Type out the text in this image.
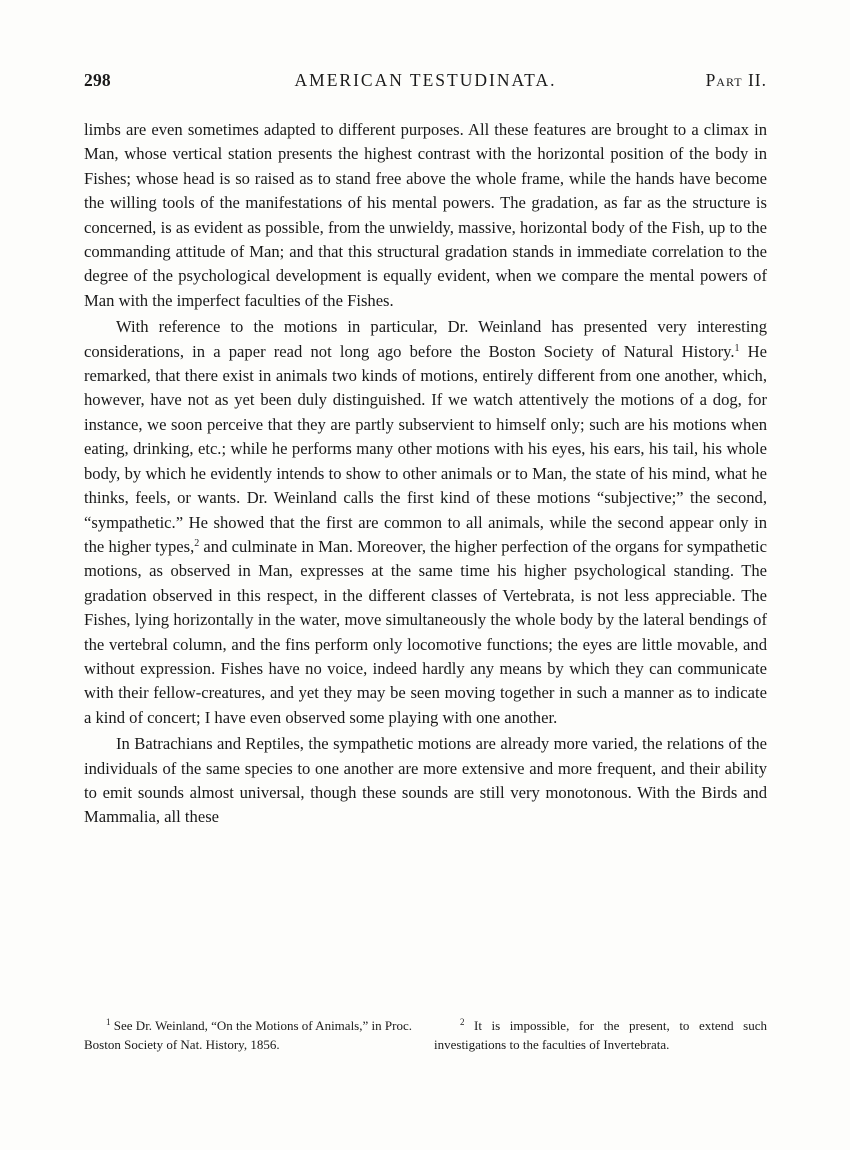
298	AMERICAN TESTUDINATA.	Part II.

limbs are even sometimes adapted to different purposes. All these features are brought to a climax in Man, whose vertical station presents the highest contrast with the horizontal position of the body in Fishes; whose head is so raised as to stand free above the whole frame, while the hands have become the willing tools of the manifestations of his mental powers. The gradation, as far as the structure is concerned, is as evident as possible, from the unwieldy, massive, horizontal body of the Fish, up to the commanding attitude of Man; and that this structural gradation stands in immediate correlation to the degree of the psychological development is equally evident, when we compare the mental powers of Man with the imperfect faculties of the Fishes.

With reference to the motions in particular, Dr. Weinland has presented very interesting considerations, in a paper read not long ago before the Boston Society of Natural History.$^1$ He remarked, that there exist in animals two kinds of motions, entirely different from one another, which, however, have not as yet been duly distinguished. If we watch attentively the motions of a dog, for instance, we soon perceive that they are partly subservient to himself only; such are his motions when eating, drinking, etc.; while he performs many other motions with his eyes, his ears, his tail, his whole body, by which he evidently intends to show to other animals or to Man, the state of his mind, what he thinks, feels, or wants. Dr. Weinland calls the first kind of these motions “subjective;” the second, “sympathetic.” He showed that the first are common to all animals, while the second appear only in the higher types,$^2$ and culminate in Man. Moreover, the higher perfection of the organs for sympathetic motions, as observed in Man, expresses at the same time his higher psychological standing. The gradation observed in this respect, in the different classes of Vertebrata, is not less appreciable. The Fishes, lying horizontally in the water, move simultaneously the whole body by the lateral bendings of the vertebral column, and the fins perform only locomotive functions; the eyes are little movable, and without expression. Fishes have no voice, indeed hardly any means by which they can communicate with their fellow-creatures, and yet they may be seen moving together in such a manner as to indicate a kind of concert; I have even observed some playing with one another.

In Batrachians and Reptiles, the sympathetic motions are already more varied, the relations of the individuals of the same species to one another are more extensive and more frequent, and their ability to emit sounds almost universal, though these sounds are still very monotonous. With the Birds and Mammalia, all these

$^1$ See Dr. Weinland, “On the Motions of Animals,” in Proc. Boston Society of Nat. History, 1856.
$^2$ It is impossible, for the present, to extend such investigations to the faculties of Invertebrata.
